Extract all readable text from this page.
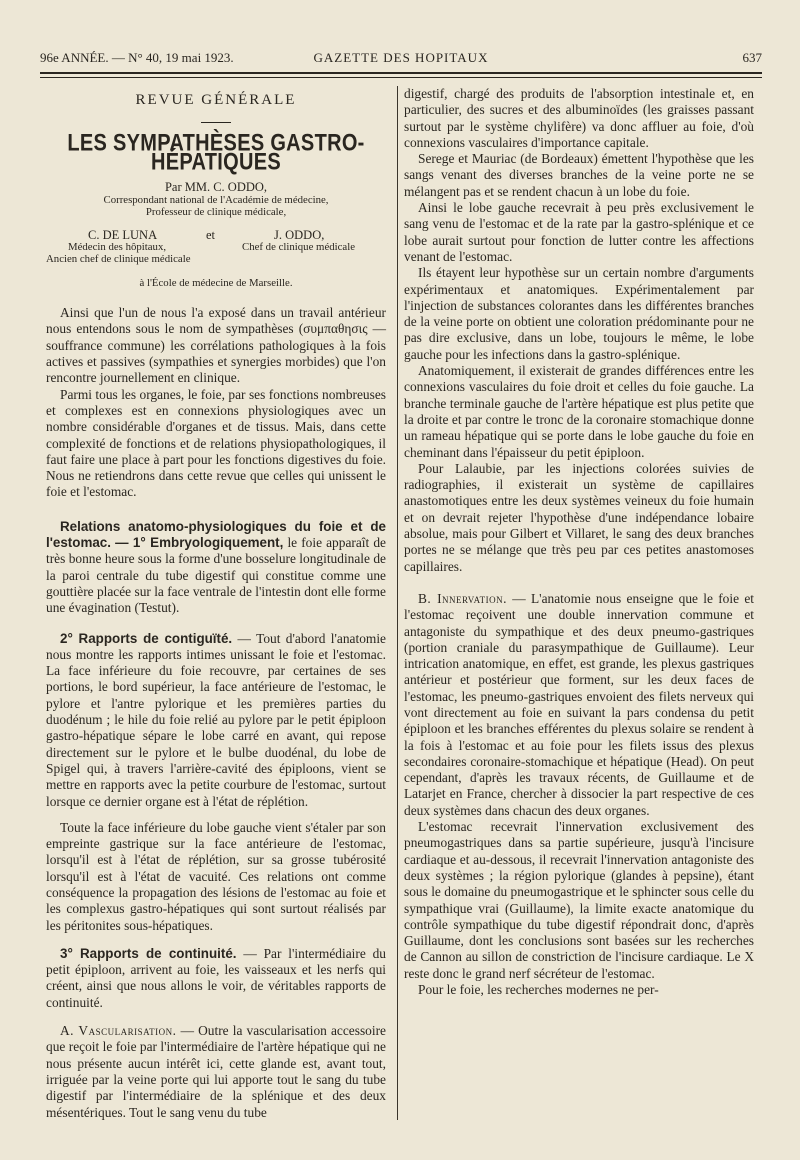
96e ANNÉE. — N° 40, 19 mai 1923.	GAZETTE DES HOPITAUX	637
REVUE GÉNÉRALE
LES SYMPATHÈSES GASTRO-HÉPATIQUES
Par MM. C. ODDO,
Correspondant national de l'Académie de médecine,
Professeur de clinique médicale,
C. DE LUNA	et	J. ODDO,
Médecin des hôpitaux,
Ancien chef de clinique médicale
Chef de clinique médicale
à l'École de médecine de Marseille.

Ainsi que l'un de nous l'a exposé dans un travail antérieur nous entendons sous le nom de sympathèses (συμπαθησις — souffrance commune) les corrélations pathologiques à la fois actives et passives (sympathies et synergies morbides) que l'on rencontre journellement en clinique.

Parmi tous les organes, le foie, par ses fonctions nombreuses et complexes est en connexions physiologiques avec un nombre considérable d'organes et de tissus. Mais, dans cette complexité de fonctions et de relations physiopathologiques, il faut faire une place à part pour les fonctions digestives du foie. Nous ne retiendrons dans cette revue que celles qui unissent le foie et l'estomac.

Relations anatomo-physiologiques du foie et de l'estomac. — 1° Embryologiquement, le foie apparaît de très bonne heure sous la forme d'une bosselure longitudinale de la paroi centrale du tube digestif qui constitue comme une gouttière placée sur la face ventrale de l'intestin dont elle forme une évagination (Testut).

2° Rapports de contiguïté. — Tout d'abord l'anatomie nous montre les rapports intimes unissant le foie et l'estomac. La face inférieure du foie recouvre, par certaines de ses portions, le bord supérieur, la face antérieure de l'estomac, le pylore et l'antre pylorique et les premières parties du duodénum ; le hile du foie relié au pylore par le petit épiploon gastro-hépatique sépare le lobe carré en avant, qui repose directement sur le pylore et le bulbe duodénal, du lobe de Spigel qui, à travers l'arrière-cavité des épiploons, vient se mettre en rapports avec la petite courbure de l'estomac, surtout lorsque ce dernier organe est à l'état de réplétion.

Toute la face inférieure du lobe gauche vient s'étaler par son empreinte gastrique sur la face antérieure de l'estomac, lorsqu'il est à l'état de réplétion, sur sa grosse tubérosité lorsqu'il est à l'état de vacuité. Ces relations ont comme conséquence la propagation des lésions de l'estomac au foie et les complexus gastro-hépatiques qui sont surtout réalisés par les péritonites sous-hépatiques.

3° Rapports de continuité. — Par l'intermédiaire du petit épiploon, arrivent au foie, les vaisseaux et les nerfs qui créent, ainsi que nous allons le voir, de véritables rapports de continuité.

A. Vascularisation. — Outre la vascularisation accessoire que reçoit le foie par l'intermédiaire de l'artère hépatique qui ne nous présente aucun intérêt ici, cette glande est, avant tout, irriguée par la veine porte qui lui apporte tout le sang du tube digestif par l'intermédiaire de la splénique et des deux mésentériques. Tout le sang venu du tube

digestif, chargé des produits de l'absorption intestinale et, en particulier, des sucres et des albuminoïdes (les graisses passant surtout par le système chylifère) va donc affluer au foie, d'où connexions vasculaires d'importance capitale.

Serege et Mauriac (de Bordeaux) émettent l'hypothèse que les sangs venant des diverses branches de la veine porte ne se mélangent pas et se rendent chacun à un lobe du foie.

Ainsi le lobe gauche recevrait à peu près exclusivement le sang venu de l'estomac et de la rate par la gastro-splénique et ce lobe aurait surtout pour fonction de lutter contre les affections venant de l'estomac.

Ils étayent leur hypothèse sur un certain nombre d'arguments expérimentaux et anatomiques. Expérimentalement par l'injection de substances colorantes dans les différentes branches de la veine porte on obtient une coloration prédominante pour ne pas dire exclusive, dans un lobe, toujours le même, le lobe gauche pour les infections dans la gastro-splénique.

Anatomiquement, il existerait de grandes différences entre les connexions vasculaires du foie droit et celles du foie gauche. La branche terminale gauche de l'artère hépatique est plus petite que la droite et par contre le tronc de la coronaire stomachique donne un rameau hépatique qui se porte dans le lobe gauche du foie en cheminant dans l'épaisseur du petit épiploon.

Pour Lalaubie, par les injections colorées suivies de radiographies, il existerait un système de capillaires anastomotiques entre les deux systèmes veineux du foie humain et on devrait rejeter l'hypothèse d'une indépendance lobaire absolue, mais pour Gilbert et Villaret, le sang des deux branches portes ne se mélange que très peu par ces petites anastomoses capillaires.

B. Innervation. — L'anatomie nous enseigne que le foie et l'estomac reçoivent une double innervation commune et antagoniste du sympathique et des deux pneumo-gastriques (portion craniale du parasympathique de Guillaume). Leur intrication anatomique, en effet, est grande, les plexus gastriques antérieur et postérieur que forment, sur les deux faces de l'estomac, les pneumo-gastriques envoient des filets nerveux qui vont directement au foie en suivant la pars condensa du petit épiploon et les branches efférentes du plexus solaire se rendent à la fois à l'estomac et au foie pour les filets issus des plexus secondaires coronaire-stomachique et hépatique (Head). On peut cependant, d'après les travaux récents, de Guillaume et de Latarjet en France, chercher à dissocier la part respective de ces deux systèmes dans chacun des deux organes.

L'estomac recevrait l'innervation exclusivement des pneumogastriques dans sa partie supérieure, jusqu'à l'incisure cardiaque et au-dessous, il recevrait l'innervation antagoniste des deux systèmes ; la région pylorique (glandes à pepsine), étant sous le domaine du pneumogastrique et le sphincter sous celle du sympathique vrai (Guillaume), la limite exacte anatomique du contrôle sympathique du tube digestif répondrait donc, d'après Guillaume, dont les conclusions sont basées sur les recherches de Cannon au sillon de constriction de l'incisure cardiaque. Le X reste donc le grand nerf sécréteur de l'estomac.

Pour le foie, les recherches modernes ne per-
